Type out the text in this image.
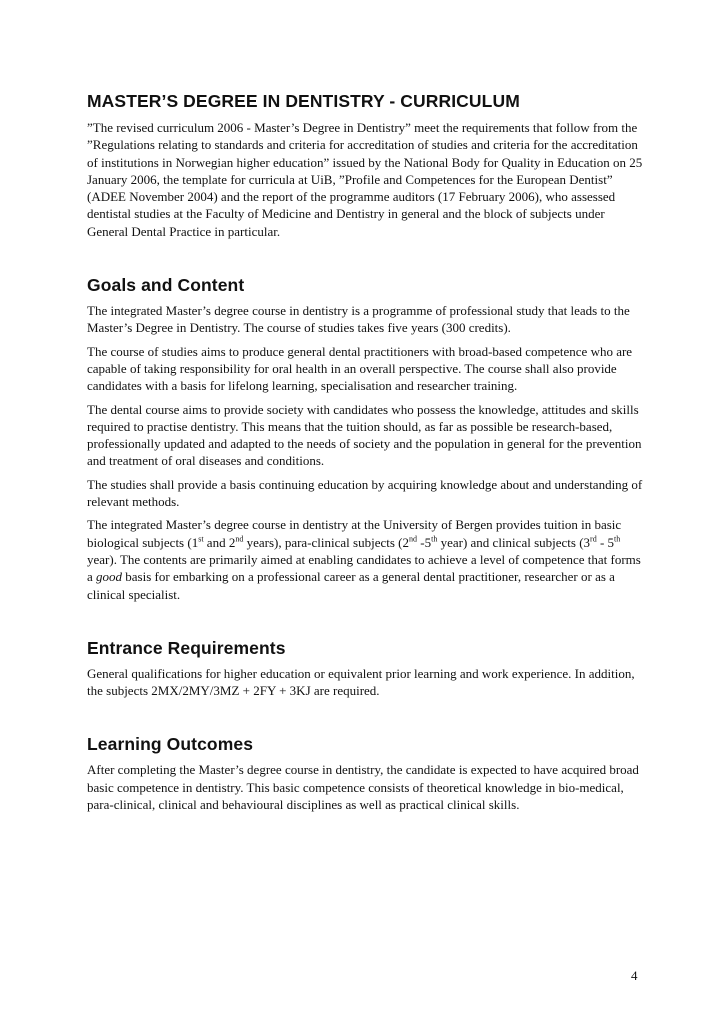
MASTER’S DEGREE IN DENTISTRY - CURRICULUM

”The revised curriculum 2006 - Master’s Degree in Dentistry” meet the requirements that follow from the ”Regulations relating to standards and criteria for accreditation of studies and criteria for the accreditation of institutions in Norwegian higher education” issued by the National Body for Quality in Education on 25 January 2006, the template for curricula at UiB, ”Profile and Competences for the European Dentist” (ADEE November 2004) and the report of the programme auditors (17 February 2006), who assessed dentistal studies at the Faculty of Medicine and Dentistry in general and the block of subjects under General Dental Practice in particular.

Goals and Content

The integrated Master’s degree course in dentistry is a programme of professional study that leads to the Master’s Degree in Dentistry. The course of studies takes five years (300 credits).

The course of studies aims to produce general dental practitioners with broad-based competence who are capable of taking responsibility for oral health in an overall perspective. The course shall also provide candidates with a basis for lifelong learning, specialisation and researcher training.

The dental course aims to provide society with candidates who possess the knowledge, attitudes and skills required to practise dentistry. This means that the tuition should, as far as possible be research-based, professionally updated and adapted to the needs of society and the population in general for the prevention and treatment of oral diseases and conditions.

The studies shall provide a basis continuing education by acquiring knowledge about and understanding of relevant methods.

The integrated Master’s degree course in dentistry at the University of Bergen provides tuition in basic biological subjects (1st and 2nd years), para-clinical subjects (2nd -5th year) and clinical subjects (3rd - 5th year). The contents are primarily aimed at enabling candidates to achieve a level of competence that forms a good basis for embarking on a professional career as a general dental practitioner, researcher or as a clinical specialist.

Entrance Requirements

General qualifications for higher education or equivalent prior learning and work experience. In addition, the subjects 2MX/2MY/3MZ + 2FY + 3KJ are required.

Learning Outcomes

After completing the Master’s degree course in dentistry, the candidate is expected to have acquired broad basic competence in dentistry. This basic competence consists of theoretical knowledge in bio-medical, para-clinical, clinical and behavioural disciplines as well as practical clinical skills.

4
